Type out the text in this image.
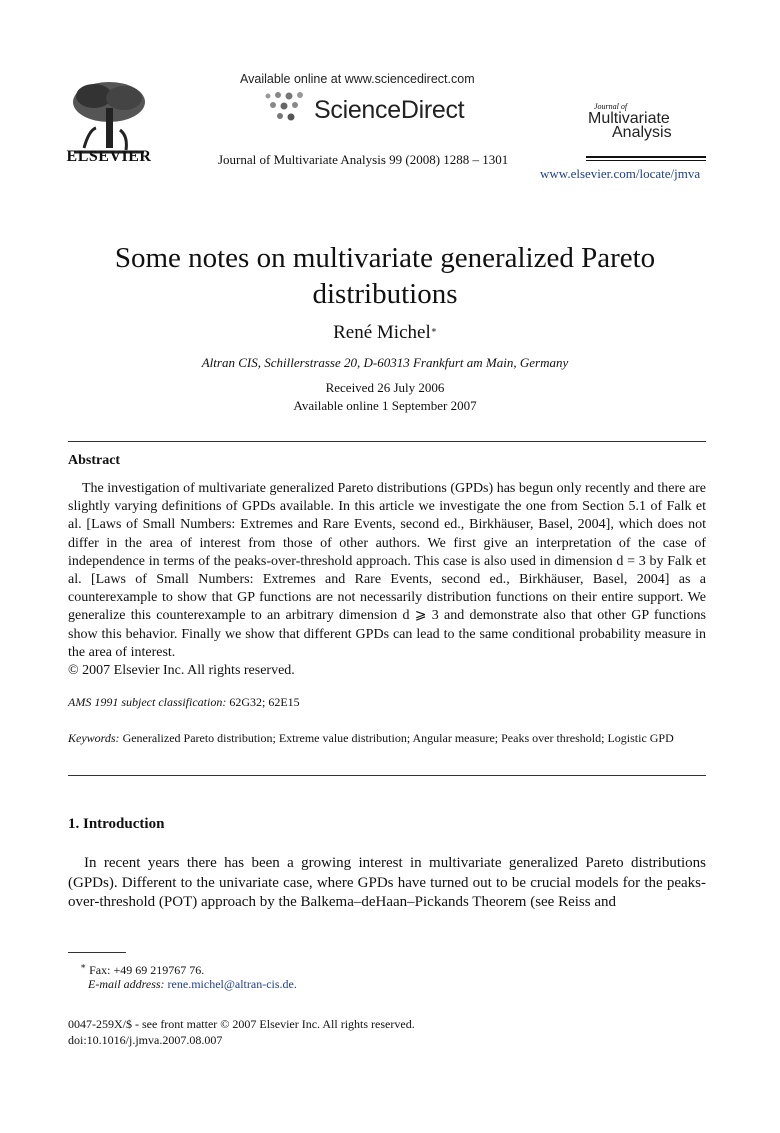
ELSEVIER
Available online at www.sciencedirect.com
ScienceDirect
Journal of Multivariate Analysis 99 (2008) 1288 – 1301
Journal of
Multivariate
Analysis
www.elsevier.com/locate/jmva
Some notes on multivariate generalized Pareto
distributions
René Michel∗
Altran CIS, Schillerstrasse 20, D-60313 Frankfurt am Main, Germany
Received 26 July 2006
Available online 1 September 2007
Abstract
The investigation of multivariate generalized Pareto distributions (GPDs) has begun only recently and there are slightly varying definitions of GPDs available. In this article we investigate the one from Section 5.1 of Falk et al. [Laws of Small Numbers: Extremes and Rare Events, second ed., Birkhäuser, Basel, 2004], which does not differ in the area of interest from those of other authors. We first give an interpretation of the case of independence in terms of the peaks-over-threshold approach. This case is also used in dimension d = 3 by Falk et al. [Laws of Small Numbers: Extremes and Rare Events, second ed., Birkhäuser, Basel, 2004] as a counterexample to show that GP functions are not necessarily distribution functions on their entire support. We generalize this counterexample to an arbitrary dimension d ⩾ 3 and demonstrate also that other GP functions show this behavior. Finally we show that different GPDs can lead to the same conditional probability measure in the area of interest.
© 2007 Elsevier Inc. All rights reserved.
AMS 1991 subject classification: 62G32; 62E15
Keywords: Generalized Pareto distribution; Extreme value distribution; Angular measure; Peaks over threshold; Logistic GPD
1. Introduction
In recent years there has been a growing interest in multivariate generalized Pareto distributions (GPDs). Different to the univariate case, where GPDs have turned out to be crucial models for the peaks-over-threshold (POT) approach by the Balkema–deHaan–Pickands Theorem (see Reiss and
∗ Fax: +49 69 219767 76.
E-mail address: rene.michel@altran-cis.de.
0047-259X/$ - see front matter © 2007 Elsevier Inc. All rights reserved.
doi:10.1016/j.jmva.2007.08.007
